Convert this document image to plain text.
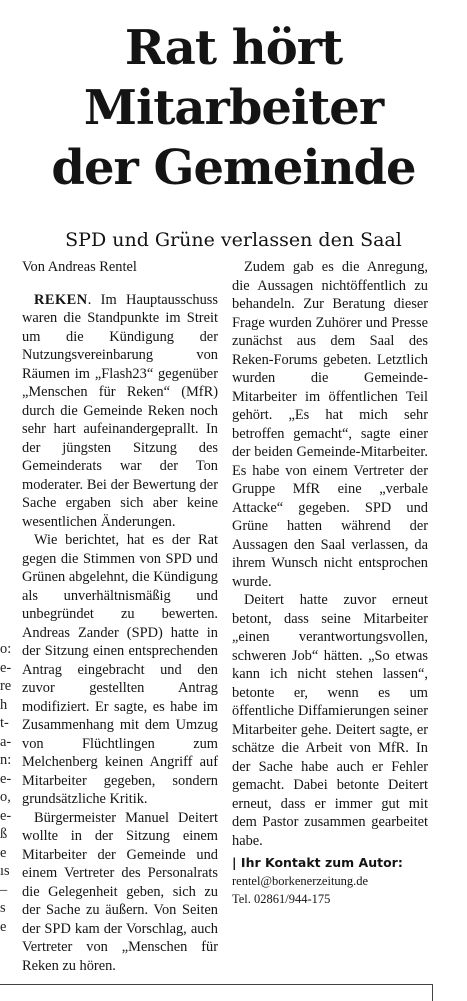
Rat hört
Mitarbeiter
der Gemeinde
SPD und Grüne verlassen den Saal
o:
e-
re
h
t-
a-
n:
e-
o,
e-
ß
e
ıs
–
s
e
Von Andreas Rentel

REKEN. Im Hauptausschuss waren die Standpunkte im Streit um die Kündigung der Nutzungsvereinbarung von Räumen im „Flash23“ gegenüber „Menschen für Reken“ (MfR) durch die Gemeinde Reken noch sehr hart aufeinandergeprallt. In der jüngsten Sitzung des Gemeinderats war der Ton moderater. Bei der Bewertung der Sache ergaben sich aber keine wesentlichen Änderungen.

Wie berichtet, hat es der Rat gegen die Stimmen von SPD und Grünen abgelehnt, die Kündigung als unverhältnismäßig und unbegründet zu bewerten. Andreas Zander (SPD) hatte in der Sitzung einen entsprechenden Antrag eingebracht und den zuvor gestellten Antrag modifiziert. Er sagte, es habe im Zusammenhang mit dem Umzug von Flüchtlingen zum Melchenberg keinen Angriff auf Mitarbeiter gegeben, sondern grundsätzliche Kritik.

Bürgermeister Manuel Deitert wollte in der Sitzung einem Mitarbeiter der Gemeinde und einem Vertreter des Personalrats die Gelegenheit geben, sich zu der Sache zu äußern. Von Seiten der SPD kam der Vorschlag, auch Vertreter von „Menschen für Reken zu hören.

Zudem gab es die Anregung, die Aussagen nichtöffentlich zu behandeln. Zur Beratung dieser Frage wurden Zuhörer und Presse zunächst aus dem Saal des Reken-Forums gebeten. Letztlich wurden die Gemeinde-Mitarbeiter im öffentlichen Teil gehört. „Es hat mich sehr betroffen gemacht“, sagte einer der beiden Gemeinde-Mitarbeiter. Es habe von einem Vertreter der Gruppe MfR eine „verbale Attacke“ gegeben. SPD und Grüne hatten während der Aussagen den Saal verlassen, da ihrem Wunsch nicht entsprochen wurde.

Deitert hatte zuvor erneut betont, dass seine Mitarbeiter „einen verantwortungsvollen, schweren Job“ hätten. „So etwas kann ich nicht stehen lassen“, betonte er, wenn es um öffentliche Diffamierungen seiner Mitarbeiter gehe. Deitert sagte, er schätze die Arbeit von MfR. In der Sache habe auch er Fehler gemacht. Dabei betonte Deitert erneut, dass er immer gut mit dem Pastor zusammen gearbeitet habe.

| Ihr Kontakt zum Autor:
rentel@borkenerzeitung.de
Tel. 02861/944-175
